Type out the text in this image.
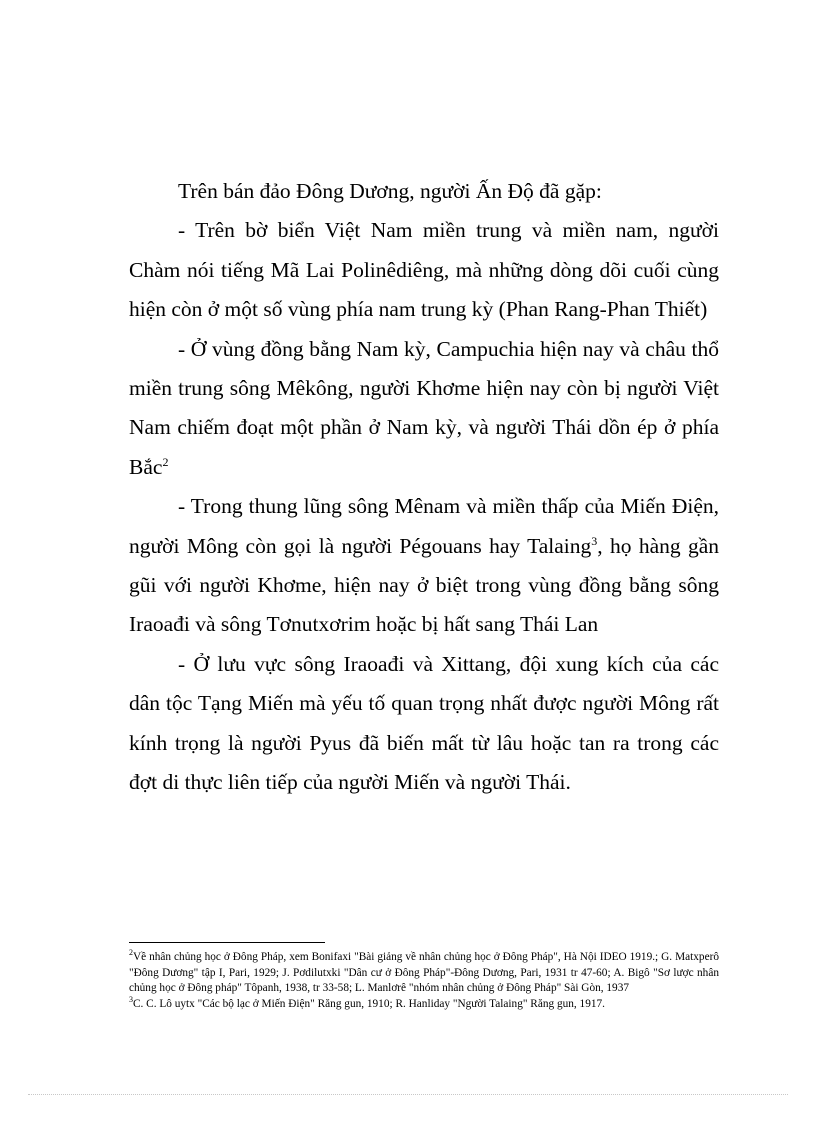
Trên bán đảo Đông Dương, người Ấn Độ đã gặp:

- Trên bờ biển Việt Nam miền trung và miền nam, người Chàm nói tiếng Mã Lai Polinêdiêng, mà những dòng dõi cuối cùng hiện còn ở một số vùng phía nam trung kỳ (Phan Rang-Phan Thiết)

- Ở vùng đồng bằng Nam kỳ, Campuchia hiện nay và châu thổ miền trung sông Mêkông, người Khơme hiện nay còn bị người Việt Nam chiếm đoạt một phần ở Nam kỳ, và người Thái dồn ép ở phía Bắc$^2$

- Trong thung lũng sông Mênam và miền thấp của Miến Điện, người Mông còn gọi là người Pégouans hay Talaing$^3$, họ hàng gần gũi với người Khơme, hiện nay ở biệt trong vùng đồng bằng sông Iraoađi và sông Tơnutxơrim hoặc bị hất sang Thái Lan

- Ở lưu vực sông Iraoađi và Xittang, đội xung kích của các dân tộc Tạng Miến mà yếu tố quan trọng nhất được người Mông rất kính trọng là người Pyus đã biến mất từ lâu hoặc tan ra trong các đợt di thực liên tiếp của người Miến và người Thái.

$^2$Về nhân chủng học ở Đông Pháp, xem Bonifaxi "Bài giảng về nhân chủng học ở Đông Pháp", Hà Nội IDEO 1919.; G. Matxperô "Đông Dương" tập I, Pari, 1929; J. Pơdilutxki "Dân cư ở Đông Pháp"-Đông Dương, Pari, 1931 tr 47-60; A. Bigô "Sơ lược nhân chủng học ở Đông pháp" Tôpanh, 1938, tr 33-58; L. Manlơrê "nhóm nhân chủng ở Đông Pháp" Sài Gòn, 1937

$^3$C. C. Lô uytx "Các bộ lạc ở Miến Điện" Răng gun, 1910; R. Hanliday "Người Talaing" Răng gun, 1917.
